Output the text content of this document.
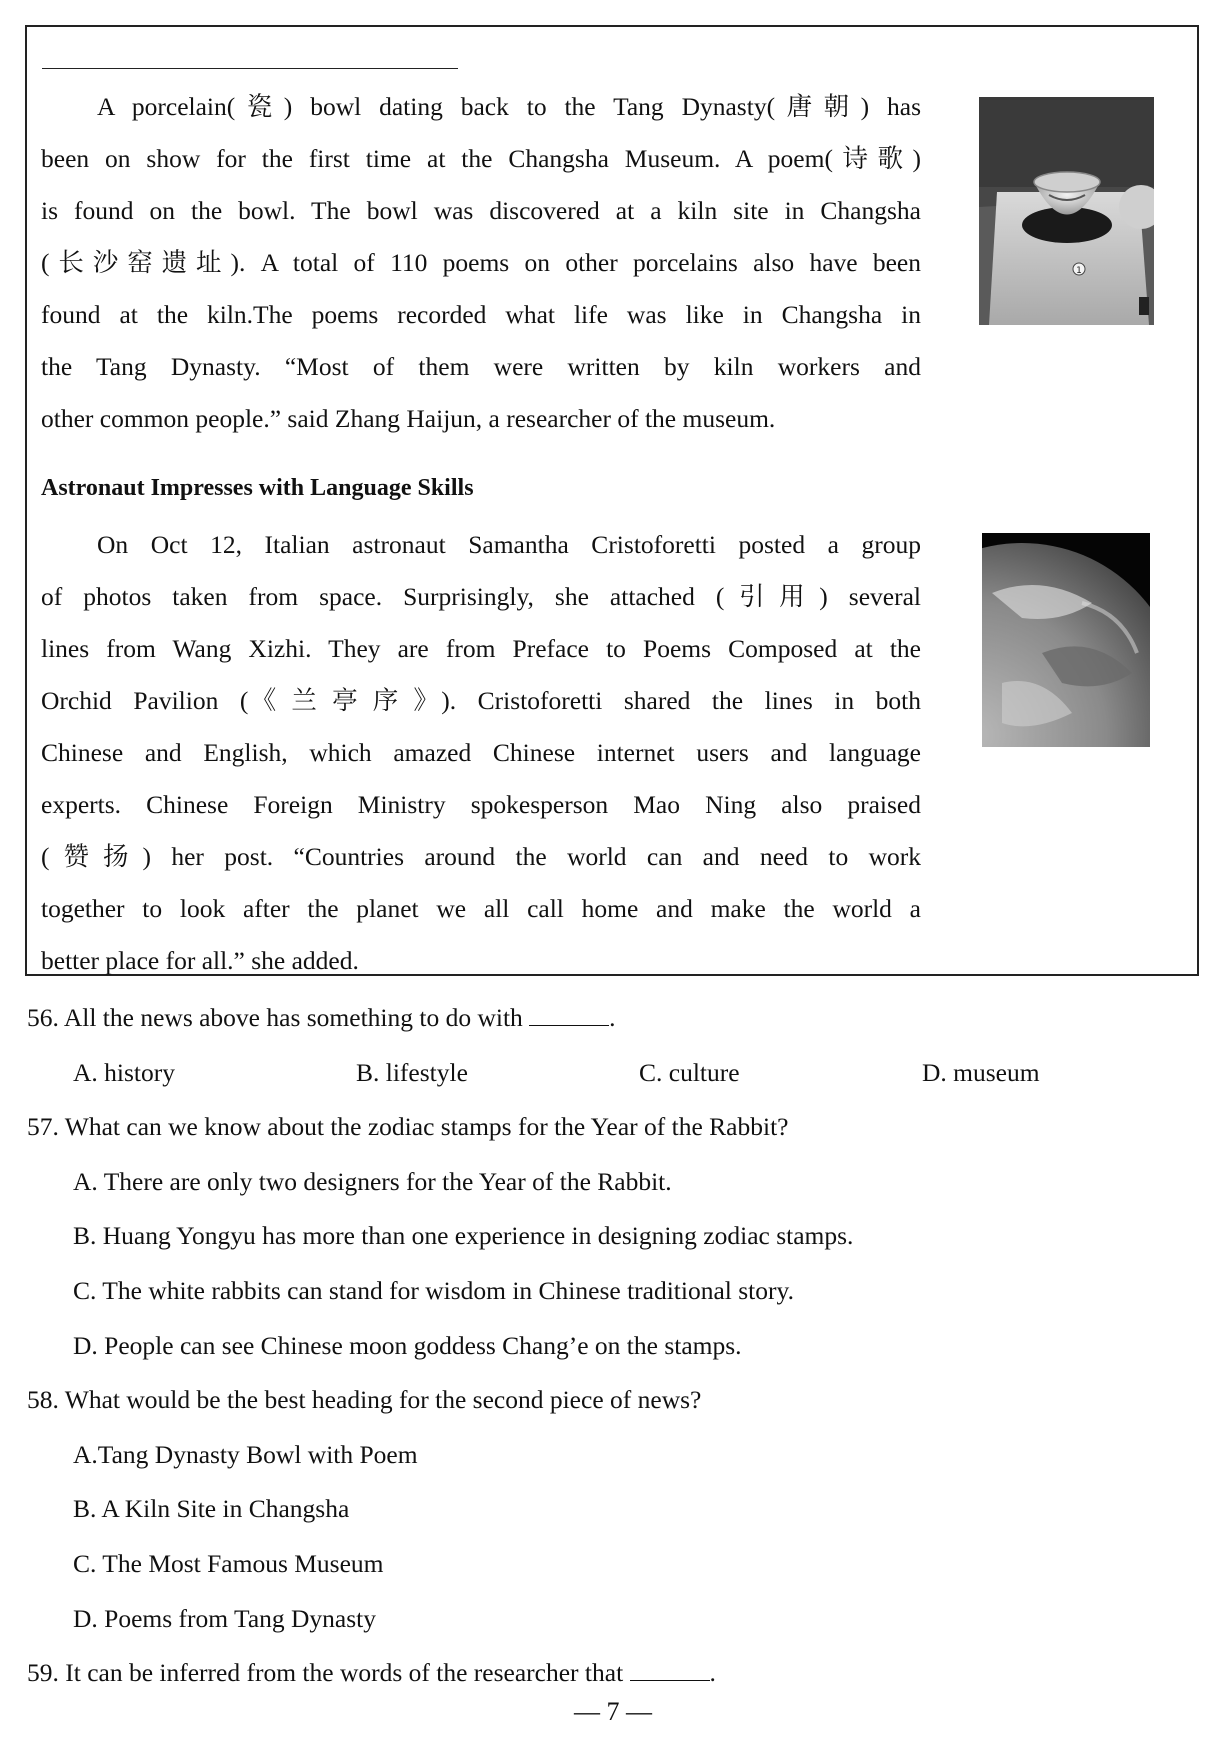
A porcelain(瓷) bowl dating back to the Tang Dynasty(唐朝) has
been on show for the first time at the Changsha Museum. A poem(诗歌)
is found on the bowl. The bowl was discovered at a kiln site in Changsha
(长沙窑遗址). A total of 110 poems on other porcelains also have been
found at the kiln.The poems recorded what life was like in Changsha in
the Tang Dynasty. “Most of them were written by kiln workers and
other common people.” said Zhang Haijun, a researcher of the museum.
1

Astronaut Impresses with Language Skills

On Oct 12, Italian astronaut Samantha Cristoforetti posted a group
of photos taken from space. Surprisingly, she attached (引用) several
lines from Wang Xizhi. They are from Preface to Poems Composed at the
Orchid Pavilion (《兰亭序》). Cristoforetti shared the lines in both
Chinese and English, which amazed Chinese internet users and language
experts. Chinese Foreign Ministry spokesperson Mao Ning also praised
(赞扬) her post. “Countries around the world can and need to work
together to look after the planet we all call home and make the world a
better place for all.” she added.
56. All the news above has something to do with	.
A. history	B. lifestyle	C. culture	D. museum
57. What can we know about the zodiac stamps for the Year of the Rabbit?
A. There are only two designers for the Year of the Rabbit.
B. Huang Yongyu has more than one experience in designing zodiac stamps.
C. The white rabbits can stand for wisdom in Chinese traditional story.
D. People can see Chinese moon goddess Chang’e on the stamps.
58. What would be the best heading for the second piece of news?
A.Tang Dynasty Bowl with Poem
B. A Kiln Site in Changsha
C. The Most Famous Museum
D. Poems from Tang Dynasty
59. It can be inferred from the words of the researcher that	.
— 7 —
